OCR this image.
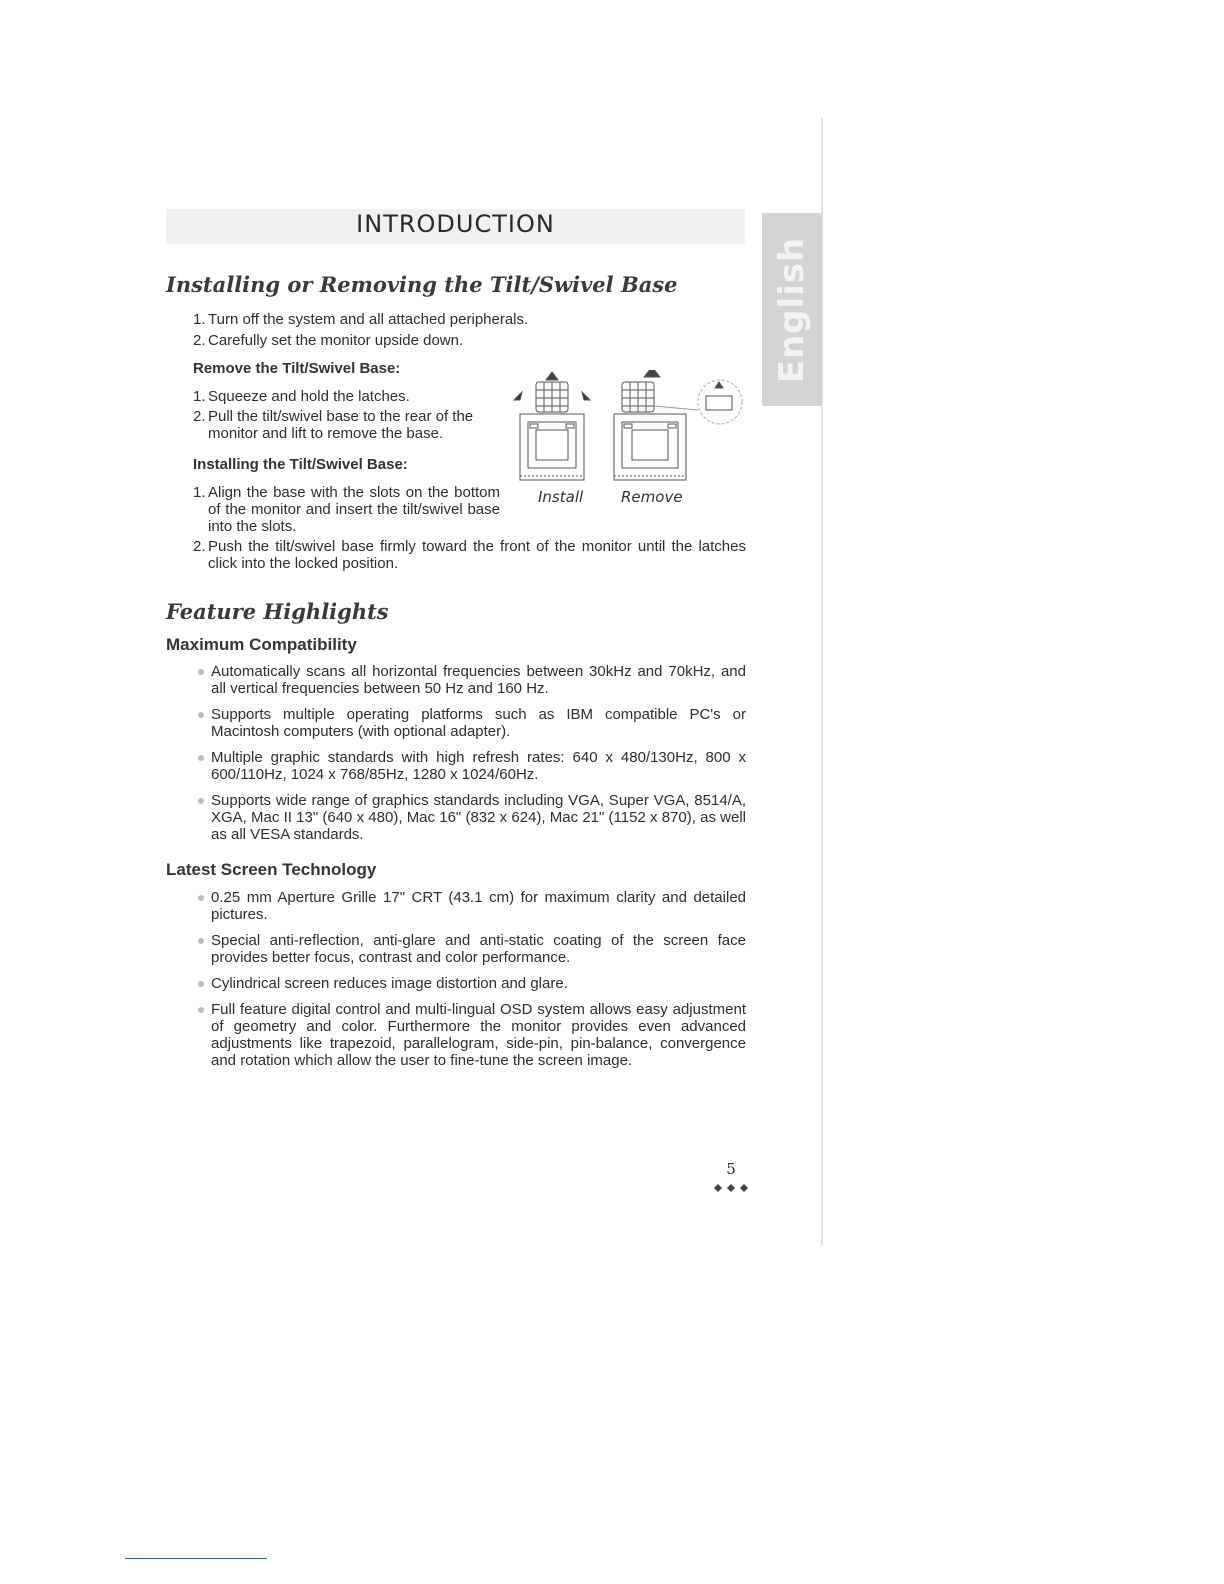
English
INTRODUCTION
Installing or Removing the Tilt/Swivel Base
1. Turn off the system and all attached peripherals.
2. Carefully set the monitor upside down.
Remove the Tilt/Swivel Base:
1. Squeeze and hold the latches.
2. Pull the tilt/swivel base to the rear of the monitor and lift to remove the base.
Installing the Tilt/Swivel Base:
1. Align the base with the slots on the bottom of the monitor and insert the tilt/swivel base into the slots.
2. Push the tilt/swivel base firmly toward the front of the monitor until the latches click into the locked position.
Install	Remove
Feature Highlights
Maximum Compatibility
Automatically scans all horizontal frequencies between 30kHz and 70kHz, and all vertical frequencies between 50 Hz and 160 Hz.
Supports multiple operating platforms such as IBM compatible PC's or Macintosh computers (with optional adapter).
Multiple graphic standards with high refresh rates: 640 x 480/130Hz, 800 x 600/110Hz, 1024 x 768/85Hz, 1280 x 1024/60Hz.
Supports wide range of graphics standards including VGA, Super VGA, 8514/A, XGA, Mac II 13" (640 x 480), Mac 16" (832 x 624), Mac 21" (1152 x 870), as well as all VESA standards.
Latest Screen Technology
0.25 mm Aperture Grille 17" CRT (43.1 cm) for maximum clarity and detailed pictures.
Special anti-reflection, anti-glare and anti-static coating of the screen face provides better focus, contrast and color performance.
Cylindrical screen reduces image distortion and glare.
Full feature digital control and multi-lingual OSD system allows easy adjustment of geometry and color. Furthermore the monitor provides even advanced adjustments like trapezoid, parallelogram, side-pin, pin-balance, convergence and rotation which allow the user to fine-tune the screen image.
5
